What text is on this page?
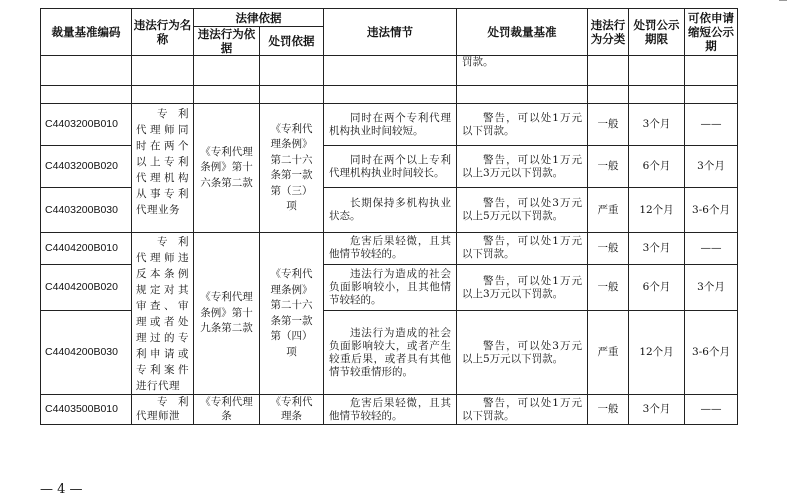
裁量基准编码	违法行为名称	法律依据		违法情节	处罚裁量基准	违法行为分类	处罚公示期限	可依申请缩短公示期
		违法行为依据	处罚依据					
					罚款。			

C4403200B010	专利代理师同时在两个以上专利代理机构从事专利代理业务	《专利代理条例》第十六条第二款	《专利代理条例》第二十六条第一款第（三）项	同时在两个专利代理机构执业时间较短。	警告，可以处1万元以下罚款。	一般	3个月	——
C4403200B020				同时在两个以上专利代理机构执业时间较长。	警告，可以处1万元以上3万元以下罚款。	一般	6个月	3个月
C4403200B030				长期保持多机构执业状态。	警告，可以处3万元以上5万元以下罚款。	严重	12个月	3-6个月
C4404200B010	专利代理师违反本条例规定对其审查、审理或者处理过的专利申请或专利案件进行代理	《专利代理条例》第十九条第二款	《专利代理条例》第二十六条第一款第（四）项	危害后果轻微，且其他情节较轻的。	警告，可以处1万元以下罚款。	一般	3个月	——
C4404200B020				违法行为造成的社会负面影响较小，且其他情节较轻的。	警告，可以处1万元以上3万元以下罚款。	一般	6个月	3个月
C4404200B030				违法行为造成的社会负面影响较大，或者产生较重后果，或者具有其他情节较重情形的。	警告，可以处3万元以上5万元以下罚款。	严重	12个月	3-6个月
C4403500B010	专利代理师泄	《专利代理条	《专利代理条	危害后果轻微，且其他情节较轻的。	警告，可以处1万元以下罚款。	一般	3个月	——
— 4 —
